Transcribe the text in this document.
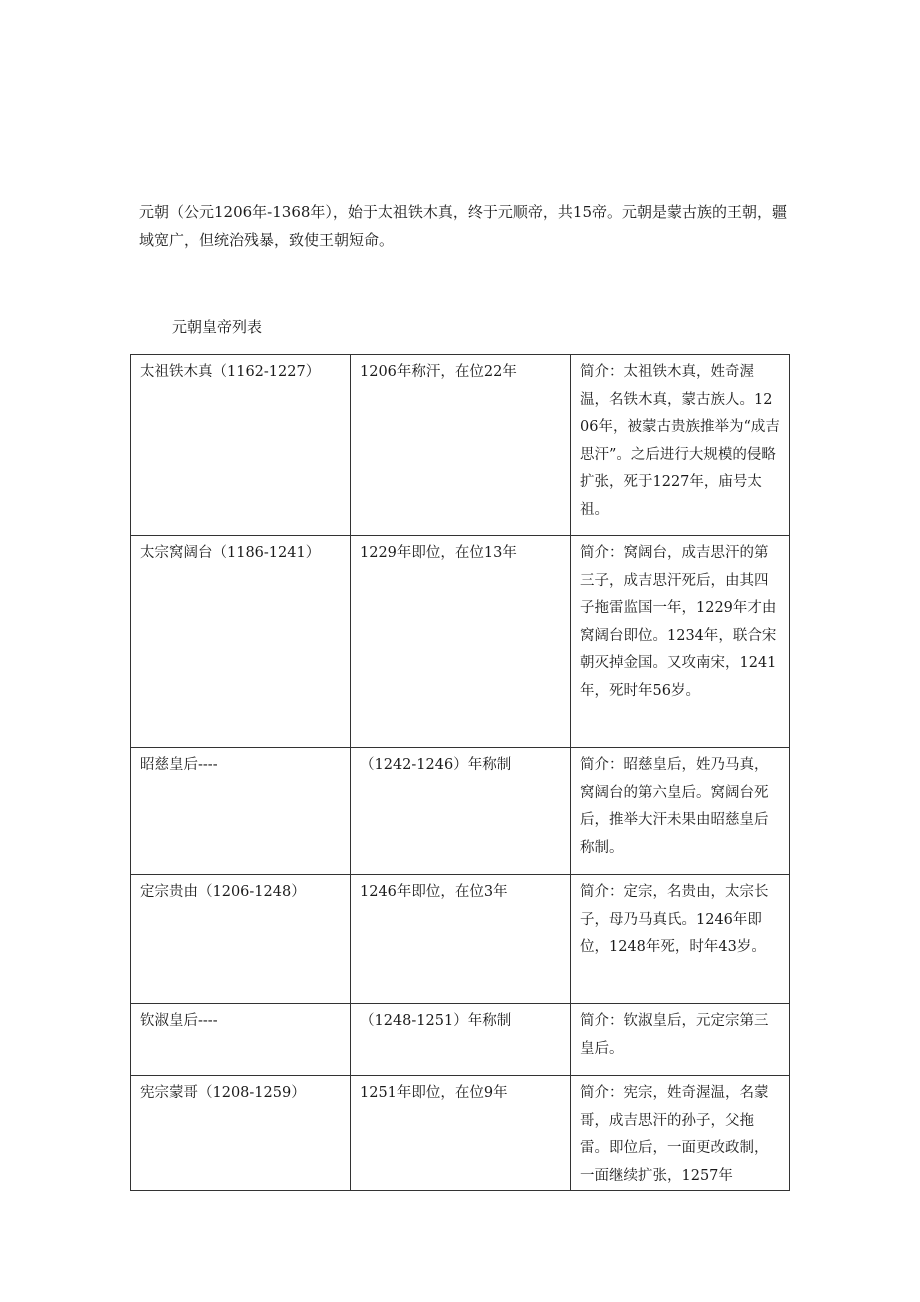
元朝（公元1206年-1368年），始于太祖铁木真，终于元顺帝，共15帝。元朝是蒙古族的王朝，疆域宽广，但统治残暴，致使王朝短命。

元朝皇帝列表

太祖铁木真（1162-1227）	1206年称汗，在位22年	简介：太祖铁木真，姓奇渥温，名铁木真，蒙古族人。1206年，被蒙古贵族推举为“成吉思汗”。之后进行大规模的侵略扩张，死于1227年，庙号太祖。
太宗窝阔台（1186-1241）	1229年即位，在位13年	简介：窝阔台，成吉思汗的第三子，成吉思汗死后，由其四子拖雷监国一年，1229年才由窝阔台即位。1234年，联合宋朝灭掉金国。又攻南宋，1241年，死时年56岁。
昭慈皇后----	（1242-1246）年称制	简介：昭慈皇后，姓乃马真，窝阔台的第六皇后。窝阔台死后，推举大汗未果由昭慈皇后称制。
定宗贵由（1206-1248）	1246年即位，在位3年	简介：定宗，名贵由，太宗长子，母乃马真氏。1246年即位，1248年死，时年43岁。
钦淑皇后----	（1248-1251）年称制	简介：钦淑皇后，元定宗第三皇后。
宪宗蒙哥（1208-1259）	1251年即位，在位9年	简介：宪宗，姓奇渥温，名蒙哥，成吉思汗的孙子，父拖雷。即位后，一面更改政制，一面继续扩张，1257年
